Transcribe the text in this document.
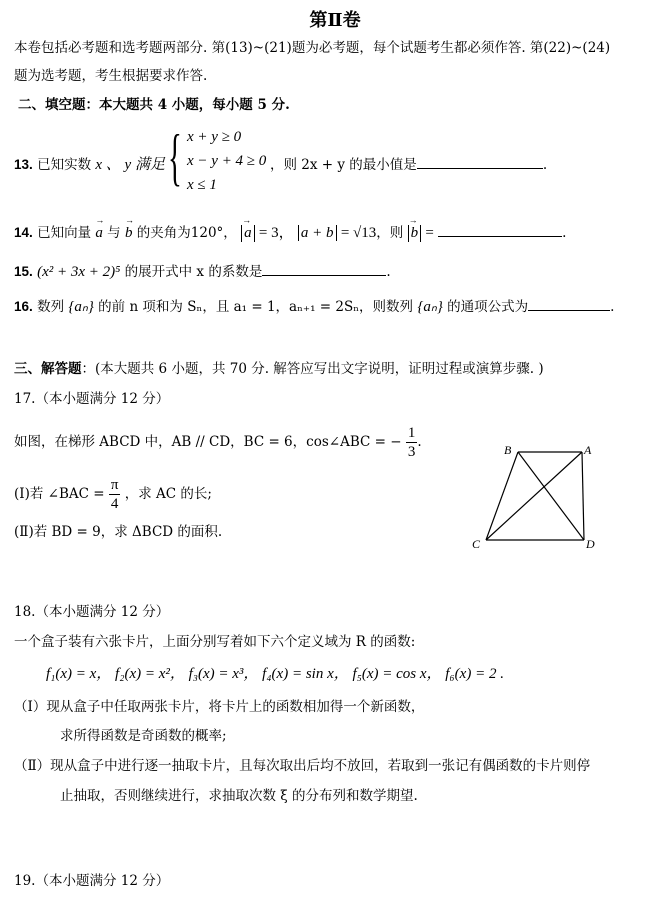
第Ⅱ卷
本卷包括必考题和选考题两部分. 第(13)~(21)题为必考题，每个试题考生都必须作答. 第(22)~(24)
题为选考题，考生根据要求作答.
二、填空题：本大题共 4 小题，每小题 5 分.
13. 已知实数 x 、 y 满足 { x + y ≥ 0
x − y + 4 ≥ 0
x ≤ 1
，则 2x + y 的最小值是	.
14. 已知向量 → a 与 → b 的夹角为120°， → a = 3， a + b = √13，则 → b =	.
15. (x² + 3x + 2)⁵ 的展开式中 x 的系数是	.
16. 数列 {aₙ} 的前 n 项和为 Sₙ，且 a₁ = 1，aₙ₊₁ = 2Sₙ，则数列 {aₙ} 的通项公式为	.
三、解答题：(本大题共 6 小题，共 70 分. 解答应写出文字说明，证明过程或演算步骤. )
17.（本小题满分 12 分）
如图，在梯形 ABCD 中，AB // CD，BC = 6，cos∠ABC = − $\frac{1}{3}$ .
(Ⅰ)若 ∠BAC = $\frac{\pi}{4}$ ，求 AC 的长;
(Ⅱ)若 BD = 9，求 ΔBCD 的面积.
B	A
C	D
18.（本小题满分 12 分）
一个盒子装有六张卡片，上面分别写着如下六个定义域为 R 的函数:
f₁(x) = x， f₂(x) = x²， f₃(x) = x³， f₄(x) = sin x， f₅(x) = cos x， f₆(x) = 2 .
（Ⅰ）现从盒子中任取两张卡片，将卡片上的函数相加得一个新函数，
求所得函数是奇函数的概率;
（Ⅱ）现从盒子中进行逐一抽取卡片，且每次取出后均不放回，若取到一张记有偶函数的卡片则停
止抽取，否则继续进行，求抽取次数 ξ 的分布列和数学期望.
19.（本小题满分 12 分）
